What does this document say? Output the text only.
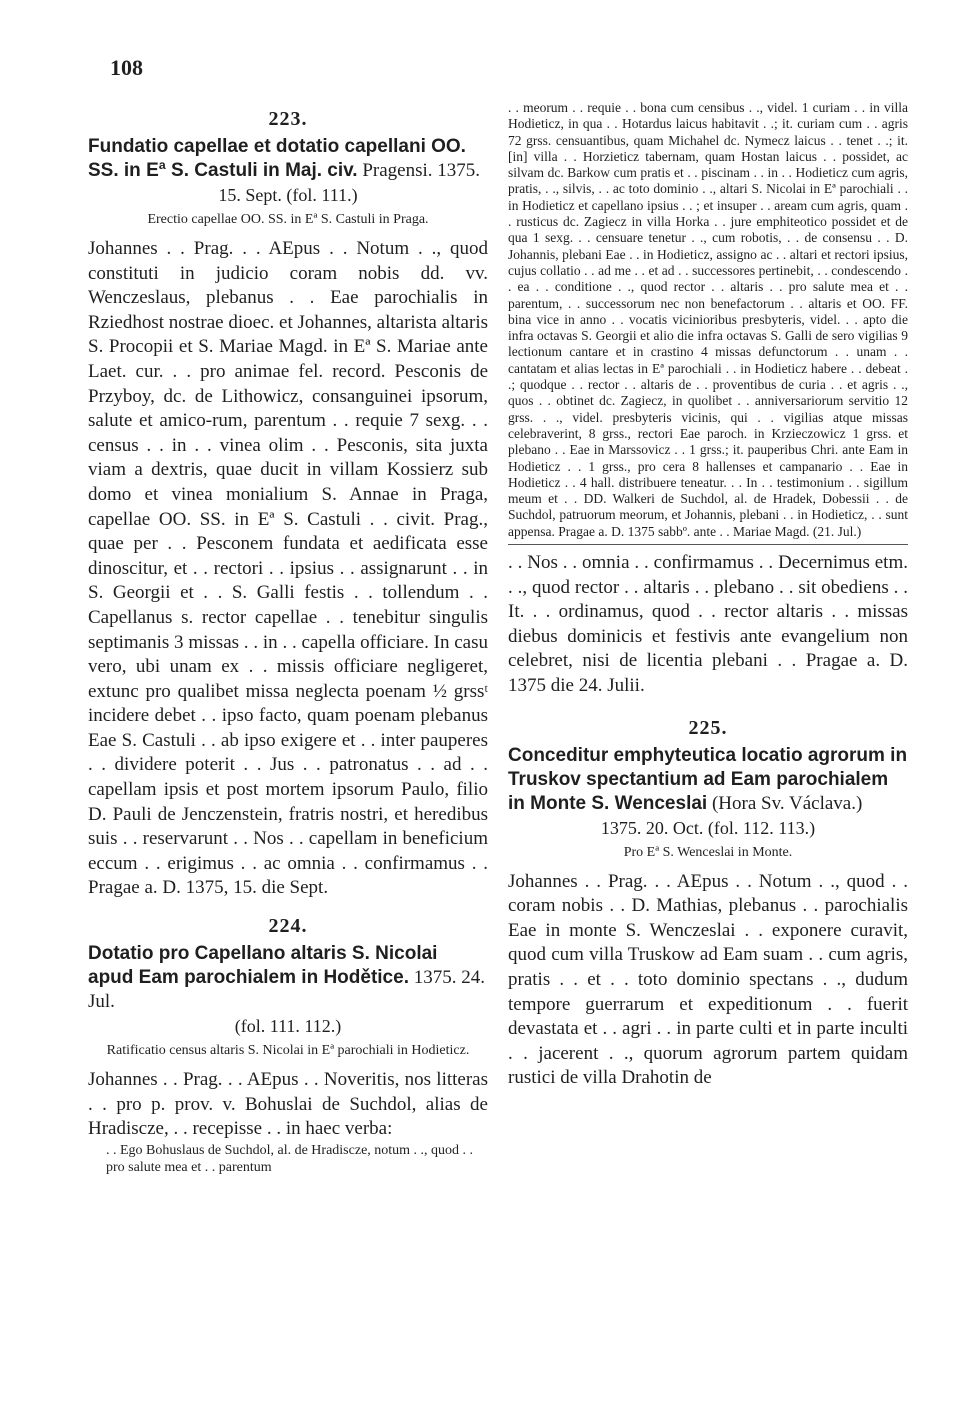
108
223.
Fundatio capellae et dotatio capellani OO. SS. in Eª S. Castuli in Maj. civ. Pragensi. 1375.
15. Sept. (fol. 111.)
Erectio capellae OO. SS. in Eª S. Castuli in Praga.
Johannes . . Prag. . . AEpus . . Notum . ., quod constituti in judicio coram nobis dd. vv. Wenczeslaus, plebanus . . Eae parochialis in Rziedhost nostrae dioec. et Johannes, altarista altaris S. Procopii et S. Mariae Magd. in Eª S. Mariae ante Laet. cur. . . pro animae fel. record. Pesconis de Przyboy, dc. de Lithowicz, consanguinei ipsorum, salute et amico-rum, parentum . . requie 7 sexg. . . census . . in . . vinea olim . . Pesconis, sita juxta viam a dextris, quae ducit in villam Kossierz sub domo et vinea monialium S. Annae in Praga, capellae OO. SS. in Eª S. Castuli . . civit. Prag., quae per . . Pesconem fundata et aedificata esse dinoscitur, et . . rectori . . ipsius . . assignarunt . . in S. Georgii et . . S. Galli festis . . tollendum . . Capellanus s. rector capellae . . tenebitur singulis septimanis 3 missas . . in . . capella officiare. In casu vero, ubi unam ex . . missis officiare negligeret, extunc pro qualibet missa neglecta poenam ½ grssᵗ incidere debet . . ipso facto, quam poenam plebanus Eae S. Castuli . . ab ipso exigere et . . inter pauperes . . dividere poterit . . Jus . . patronatus . . ad . . capellam ipsis et post mortem ipsorum Paulo, filio D. Pauli de Jenczenstein, fratris nostri, et heredibus suis . . reservarunt . . Nos . . capellam in beneficium eccum . . erigimus . . ac omnia . . confirmamus . . Pragae a. D. 1375, 15. die Sept.
224.
Dotatio pro Capellano altaris S. Nicolai apud Eam parochialem in Hodětice. 1375. 24. Jul.
(fol. 111. 112.)
Ratificatio census altaris S. Nicolai in Eª parochiali in Hodieticz.
Johannes . . Prag. . . AEpus . . Noveritis, nos litteras . . pro p. prov. v. Bohuslai de Suchdol, alias de Hradiscze, . . recepisse . . in haec verba:
. . Ego Bohuslaus de Suchdol, al. de Hradiscze, notum . ., quod . . pro salute mea et . . parentum
. . meorum . . requie . . bona cum censibus . ., videl. 1 curiam . . in villa Hodieticz, in qua . . Hotardus laicus habitavit . .; it. curiam cum . . agris 72 grss. censuantibus, quam Michahel dc. Nymecz laicus . . tenet . .; it. [in] villa . . Horzieticz tabernam, quam Hostan laicus . . possidet, ac silvam dc. Barkow cum pratis et . . piscinam . . in . . Hodieticz cum agris, pratis, . ., silvis, . . ac toto dominio . ., altari S. Nicolai in Eª parochiali . . in Hodieticz et capellano ipsius . . ; et insuper . . aream cum agris, quam . . rusticus dc. Zagiecz in villa Horka . . jure emphiteotico possidet et de qua 1 sexg. . . censuare tenetur . ., cum robotis, . . de consensu . . D. Johannis, plebani Eae . . in Hodieticz, assigno ac . . altari et rectori ipsius, cujus collatio . . ad me . . et ad . . successores pertinebit, . . condescendo . . ea . . conditione . ., quod rector . . altaris . . pro salute mea et . . parentum, . . successorum nec non benefactorum . . altaris et OO. FF. bina vice in anno . . vocatis vicinioribus presbyteris, videl. . . apto die infra octavas S. Georgii et alio die infra octavas S. Galli de sero vigilias 9 lectionum cantare et in crastino 4 missas defunctorum . . unam . . cantatam et alias lectas in Eª parochiali . . in Hodieticz habere . . debeat . .; quodque . . rector . . altaris de . . proventibus de curia . . et agris . ., quos . . obtinet dc. Zagiecz, in quolibet . . anniversariorum servitio 12 grss. . ., videl. presbyteris vicinis, qui . . vigilias atque missas celebraverint, 8 grss., rectori Eae paroch. in Krzieczowicz 1 grss. et plebano . . Eae in Marssovicz . . 1 grss.; it. pauperibus Chri. ante Eam in Hodieticz . . 1 grss., pro cera 8 hallenses et campanario . . Eae in Hodieticz . . 4 hall. distribuere teneatur. . . In . . testimonium . . sigillum meum et . . DD. Walkeri de Suchdol, al. de Hradek, Dobessii . . de Suchdol, patruorum meorum, et Johannis, plebani . . in Hodieticz, . . sunt appensa. Pragae a. D. 1375 sabbº. ante . . Mariae Magd. (21. Jul.)
. . Nos . . omnia . . confirmamus . . Decernimus etm. . ., quod rector . . altaris . . plebano . . sit obediens . . It. . . ordinamus, quod . . rector altaris . . missas diebus dominicis et festivis ante evangelium non celebret, nisi de licentia plebani . . Pragae a. D. 1375 die 24. Julii.
225.
Conceditur emphyteutica locatio agrorum in Truskov spectantium ad Eam parochialem in Monte S. Wenceslai (Hora Sv. Václava.)
1375. 20. Oct. (fol. 112. 113.)
Pro Eª S. Wenceslai in Monte.
Johannes . . Prag. . . AEpus . . Notum . ., quod . . coram nobis . . D. Mathias, plebanus . . parochialis Eae in monte S. Wenczeslai . . exponere curavit, quod cum villa Truskow ad Eam suam . . cum agris, pratis . . et . . toto dominio spectans . ., dudum tempore guerrarum et expeditionum . . fuerit devastata et . . agri . . in parte culti et in parte inculti . . jacerent . ., quorum agrorum partem quidam rustici de villa Drahotin de
